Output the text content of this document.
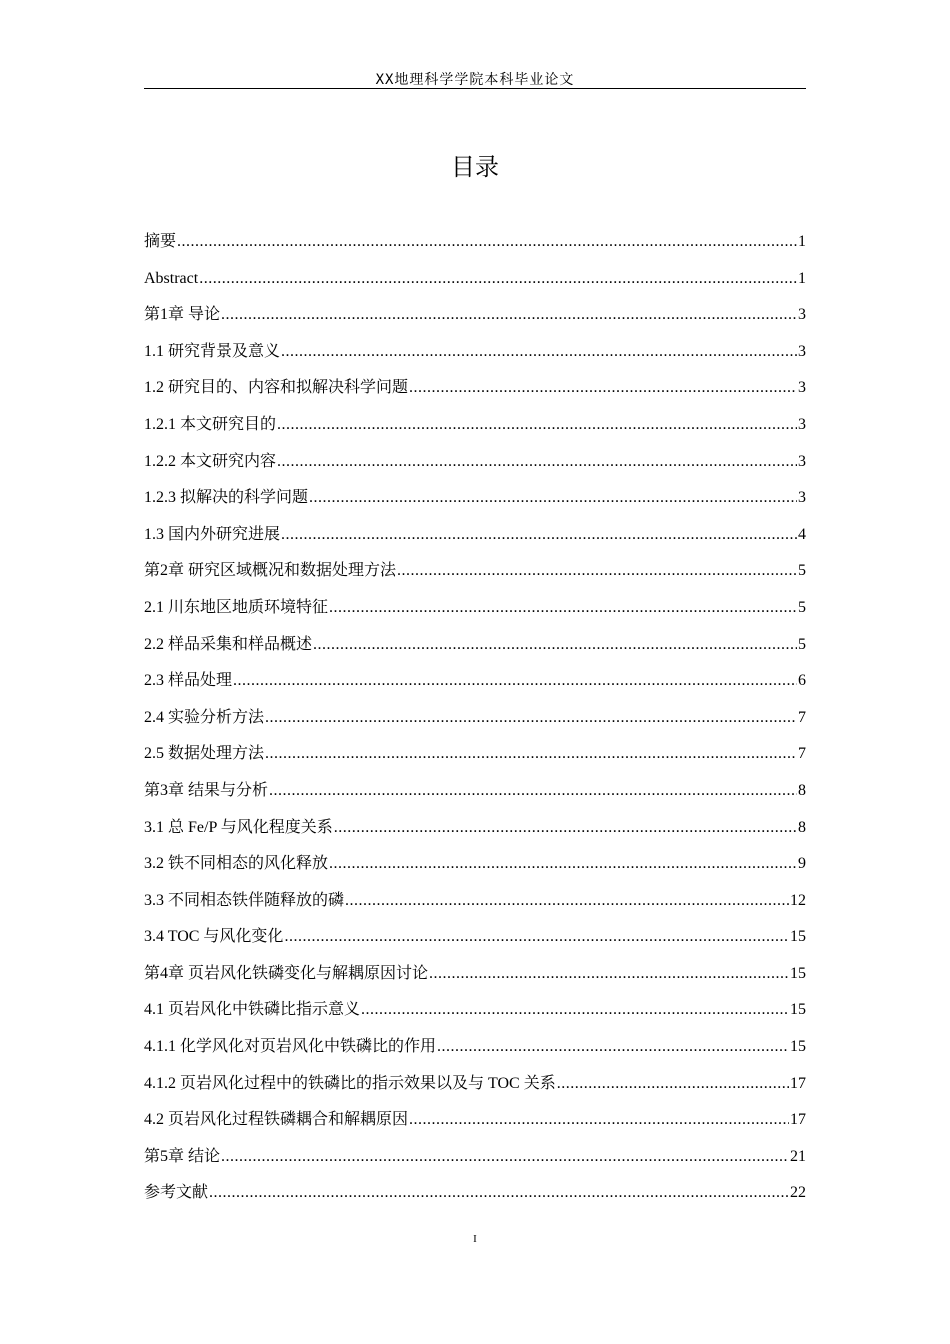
XX地理科学学院本科毕业论文
目录
摘要 .....	1
Abstract .....	1
第1章 导论 .....	3
1.1 研究背景及意义 .....	3
1.2 研究目的、内容和拟解决科学问题 .....	3
1.2.1 本文研究目的 .....	3
1.2.2 本文研究内容 .....	3
1.2.3 拟解决的科学问题 .....	3
1.3 国内外研究进展 .....	4
第2章 研究区域概况和数据处理方法 .....	5
2.1 川东地区地质环境特征 .....	5
2.2 样品采集和样品概述 .....	5
2.3 样品处理 .....	6
2.4 实验分析方法 .....	7
2.5 数据处理方法 .....	7
第3章 结果与分析 .....	8
3.1 总 Fe/P 与风化程度关系 .....	8
3.2 铁不同相态的风化释放 .....	9
3.3 不同相态铁伴随释放的磷 .....	12
3.4 TOC 与风化变化 .....	15
第4章 页岩风化铁磷变化与解耦原因讨论 .....	15
4.1 页岩风化中铁磷比指示意义 .....	15
4.1.1 化学风化对页岩风化中铁磷比的作用 .....	15
4.1.2 页岩风化过程中的铁磷比的指示效果以及与 TOC 关系 .....	17
4.2 页岩风化过程铁磷耦合和解耦原因 .....	17
第5章 结论 .....	21
参考文献 .....	22
I
